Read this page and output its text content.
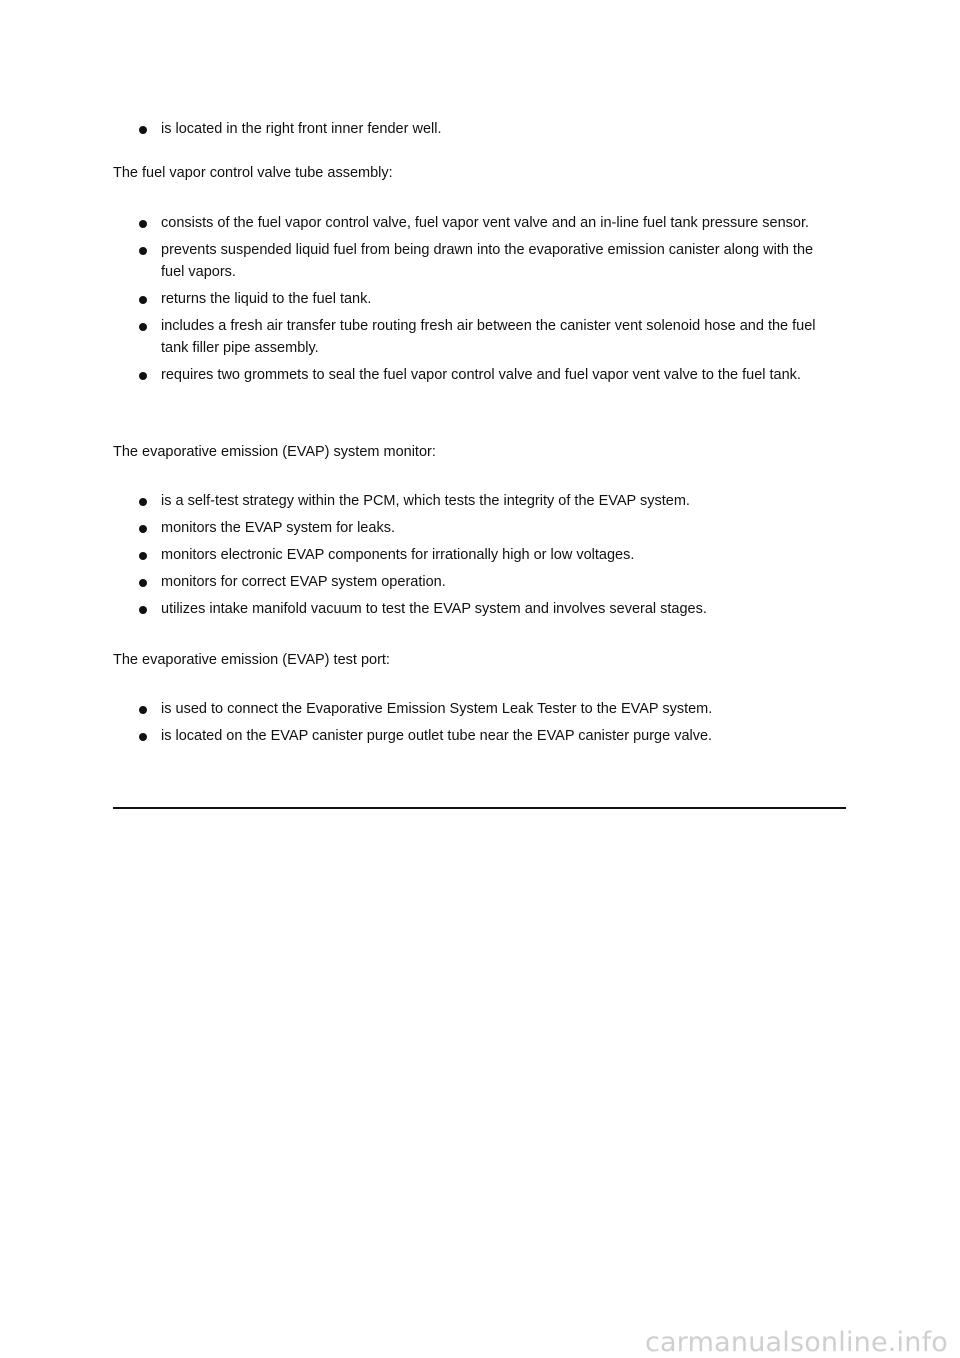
is located in the right front inner fender well.
The fuel vapor control valve tube assembly:
consists of the fuel vapor control valve, fuel vapor vent valve and an in-line fuel tank pressure sensor.
prevents suspended liquid fuel from being drawn into the evaporative emission canister along with the fuel vapors.
returns the liquid to the fuel tank.
includes a fresh air transfer tube routing fresh air between the canister vent solenoid hose and the fuel tank filler pipe assembly.
requires two grommets to seal the fuel vapor control valve and fuel vapor vent valve to the fuel tank.
The evaporative emission (EVAP) system monitor:
is a self-test strategy within the PCM, which tests the integrity of the EVAP system.
monitors the EVAP system for leaks.
monitors electronic EVAP components for irrationally high or low voltages.
monitors for correct EVAP system operation.
utilizes intake manifold vacuum to test the EVAP system and involves several stages.
The evaporative emission (EVAP) test port:
is used to connect the Evaporative Emission System Leak Tester to the EVAP system.
is located on the EVAP canister purge outlet tube near the EVAP canister purge valve.
carmanualsonline.info
